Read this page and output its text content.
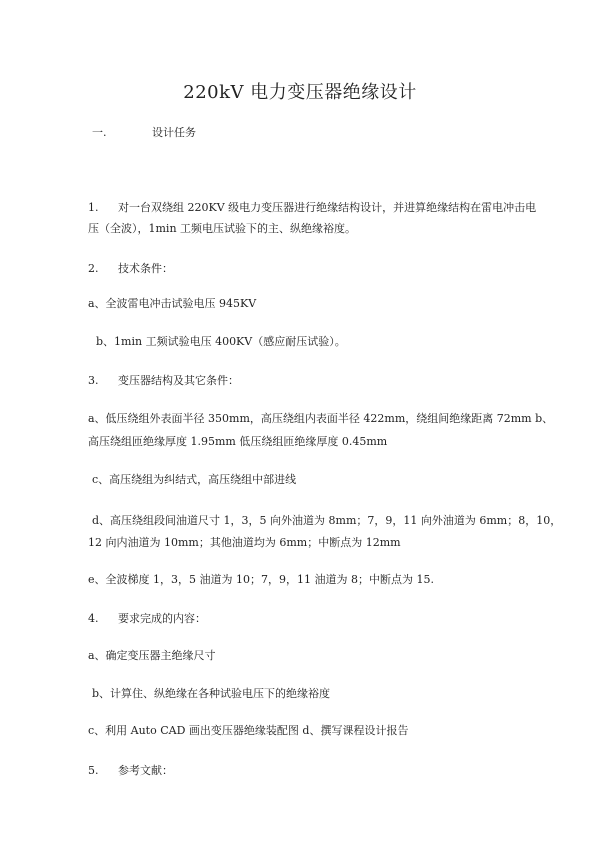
220kV 电力变压器绝缘设计
一.	设计任务
1. 对一台双绕组 220KV 级电力变压器进行绝缘结构设计，并进算绝缘结构在雷电冲击电
压（全波），1min 工频电压试验下的主、纵绝缘裕度。
2. 技术条件：
a、全波雷电冲击试验电压 945KV
b、1min 工频试验电压 400KV（感应耐压试验）。
3. 变压器结构及其它条件：
a、低压绕组外表面半径 350mm，高压绕组内表面半径 422mm，绕组间绝缘距离 72mm b、
高压绕组匝绝缘厚度 1.95mm 低压绕组匝绝缘厚度 0.45mm
c、高压绕组为纠结式，高压绕组中部进线
d、高压绕组段间油道尺寸 1，3，5 向外油道为 8mm；7，9，11 向外油道为 6mm；8，10，
12 向内油道为 10mm；其他油道均为 6mm；中断点为 12mm
e、全波梯度 1，3，5 油道为 10；7，9，11 油道为 8；中断点为 15.
4. 要求完成的内容：
a、确定变压器主绝缘尺寸
b、计算住、纵绝缘在各种试验电压下的绝缘裕度
c、利用 Auto CAD 画出变压器绝缘装配图 d、撰写课程设计报告
5. 参考文献：
